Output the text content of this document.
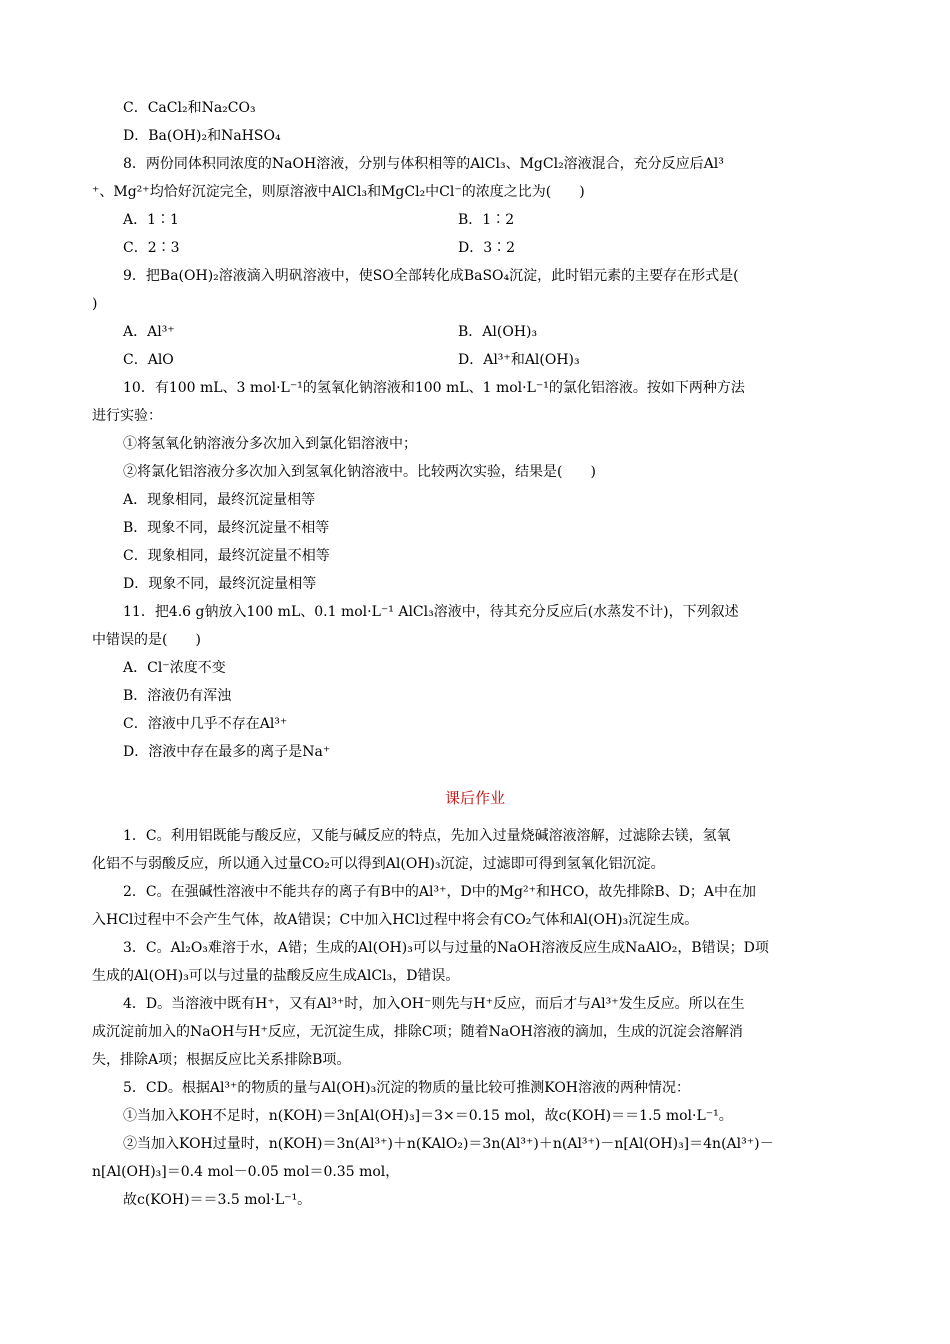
C．CaCl₂和Na₂CO₃
D．Ba(OH)₂和NaHSO₄
8．两份同体积同浓度的NaOH溶液，分别与体积相等的AlCl₃、MgCl₂溶液混合，充分反应后Al³
⁺、Mg²⁺均恰好沉淀完全，则原溶液中AlCl₃和MgCl₂中Cl⁻的浓度之比为(　　)
A．1∶1	B．1∶2
C．2∶3	D．3∶2
9．把Ba(OH)₂溶液滴入明矾溶液中，使SO全部转化成BaSO₄沉淀，此时铝元素的主要存在形式是(
)
A．Al³⁺	B．Al(OH)₃
C．AlO	D．Al³⁺和Al(OH)₃
10．有100 mL、3 mol·L⁻¹的氢氧化钠溶液和100 mL、1 mol·L⁻¹的氯化铝溶液。按如下两种方法
进行实验：
①将氢氧化钠溶液分多次加入到氯化铝溶液中；
②将氯化铝溶液分多次加入到氢氧化钠溶液中。比较两次实验，结果是(　　)
A．现象相同，最终沉淀量相等
B．现象不同，最终沉淀量不相等
C．现象相同，最终沉淀量不相等
D．现象不同，最终沉淀量相等
11．把4.6 g钠放入100 mL、0.1 mol·L⁻¹ AlCl₃溶液中，待其充分反应后(水蒸发不计)，下列叙述
中错误的是(　　)
A．Cl⁻浓度不变
B．溶液仍有浑浊
C．溶液中几乎不存在Al³⁺
D．溶液中存在最多的离子是Na⁺
课后作业
1．C。利用铝既能与酸反应，又能与碱反应的特点，先加入过量烧碱溶液溶解，过滤除去镁，氢氧
化铝不与弱酸反应，所以通入过量CO₂可以得到Al(OH)₃沉淀，过滤即可得到氢氧化铝沉淀。
2．C。在强碱性溶液中不能共存的离子有B中的Al³⁺，D中的Mg²⁺和HCO，故先排除B、D；A中在加
入HCl过程中不会产生气体，故A错误；C中加入HCl过程中将会有CO₂气体和Al(OH)₃沉淀生成。
3．C。Al₂O₃难溶于水，A错；生成的Al(OH)₃可以与过量的NaOH溶液反应生成NaAlO₂，B错误；D项
生成的Al(OH)₃可以与过量的盐酸反应生成AlCl₃，D错误。
4．D。当溶液中既有H⁺，又有Al³⁺时，加入OH⁻则先与H⁺反应，而后才与Al³⁺发生反应。所以在生
成沉淀前加入的NaOH与H⁺反应，无沉淀生成，排除C项；随着NaOH溶液的滴加，生成的沉淀会溶解消
失，排除A项；根据反应比关系排除B项。
5．CD。根据Al³⁺的物质的量与Al(OH)₃沉淀的物质的量比较可推测KOH溶液的两种情况：
①当加入KOH不足时，n(KOH)＝3n[Al(OH)₃]＝3×＝0.15 mol，故c(KOH)＝＝1.5 mol·L⁻¹。
②当加入KOH过量时，n(KOH)＝3n(Al³⁺)＋n(KAlO₂)＝3n(Al³⁺)＋n(Al³⁺)－n[Al(OH)₃]＝4n(Al³⁺)－
n[Al(OH)₃]＝0.4 mol－0.05 mol＝0.35 mol，
故c(KOH)＝＝3.5 mol·L⁻¹。
